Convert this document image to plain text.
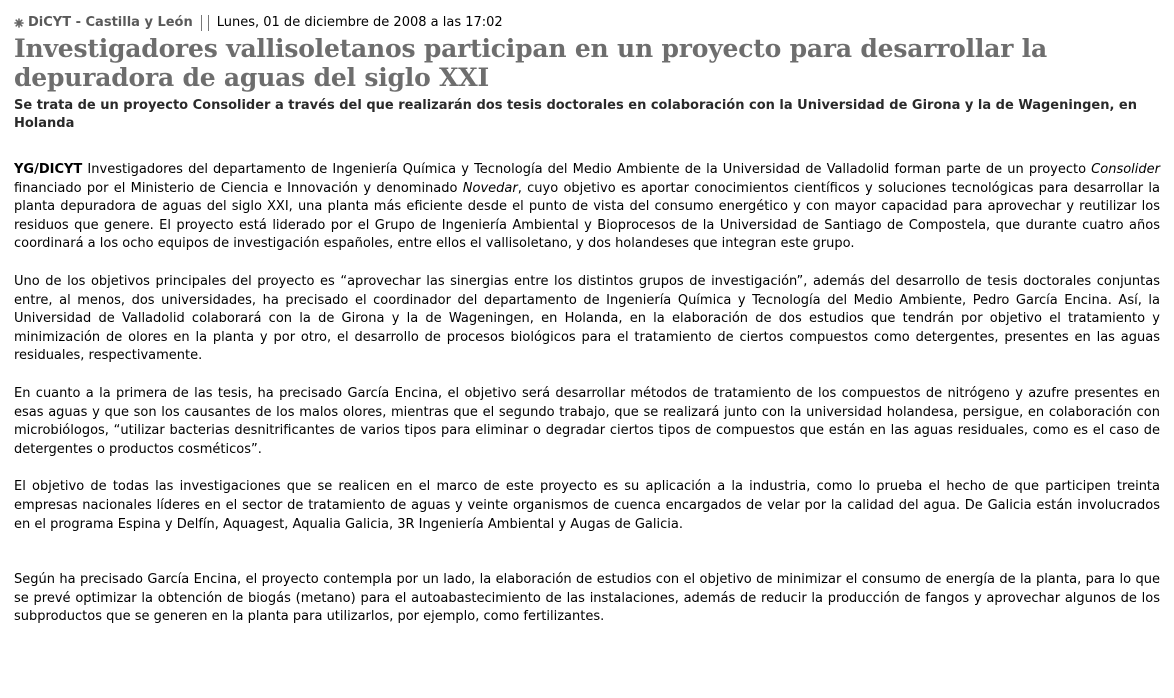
DiCYT - Castilla y León Lunes, 01 de diciembre de 2008 a las 17:02
Investigadores vallisoletanos participan en un proyecto para desarrollar la depuradora de aguas del siglo XXI
Se trata de un proyecto Consolider a través del que realizarán dos tesis doctorales en colaboración con la Universidad de Girona y la de Wageningen, en Holanda

YG/DICYT Investigadores del departamento de Ingeniería Química y Tecnología del Medio Ambiente de la Universidad de Valladolid forman parte de un proyecto Consolider financiado por el Ministerio de Ciencia e Innovación y denominado Novedar, cuyo objetivo es aportar conocimientos científicos y soluciones tecnológicas para desarrollar la planta depuradora de aguas del siglo XXI, una planta más eficiente desde el punto de vista del consumo energético y con mayor capacidad para aprovechar y reutilizar los residuos que genere. El proyecto está liderado por el Grupo de Ingeniería Ambiental y Bioprocesos de la Universidad de Santiago de Compostela, que durante cuatro años coordinará a los ocho equipos de investigación españoles, entre ellos el vallisoletano, y dos holandeses que integran este grupo.

Uno de los objetivos principales del proyecto es “aprovechar las sinergias entre los distintos grupos de investigación”, además del desarrollo de tesis doctorales conjuntas entre, al menos, dos universidades, ha precisado el coordinador del departamento de Ingeniería Química y Tecnología del Medio Ambiente, Pedro García Encina. Así, la Universidad de Valladolid colaborará con la de Girona y la de Wageningen, en Holanda, en la elaboración de dos estudios que tendrán por objetivo el tratamiento y minimización de olores en la planta y por otro, el desarrollo de procesos biológicos para el tratamiento de ciertos compuestos como detergentes, presentes en las aguas residuales, respectivamente.

En cuanto a la primera de las tesis, ha precisado García Encina, el objetivo será desarrollar métodos de tratamiento de los compuestos de nitrógeno y azufre presentes en esas aguas y que son los causantes de los malos olores, mientras que el segundo trabajo, que se realizará junto con la universidad holandesa, persigue, en colaboración con microbiólogos, “utilizar bacterias desnitrificantes de varios tipos para eliminar o degradar ciertos tipos de compuestos que están en las aguas residuales, como es el caso de detergentes o productos cosméticos”.

El objetivo de todas las investigaciones que se realicen en el marco de este proyecto es su aplicación a la industria, como lo prueba el hecho de que participen treinta empresas nacionales líderes en el sector de tratamiento de aguas y veinte organismos de cuenca encargados de velar por la calidad del agua. De Galicia están involucrados en el programa Espina y Delfín, Aquagest, Aqualia Galicia, 3R Ingeniería Ambiental y Augas de Galicia.

Según ha precisado García Encina, el proyecto contempla por un lado, la elaboración de estudios con el objetivo de minimizar el consumo de energía de la planta, para lo que se prevé optimizar la obtención de biogás (metano) para el autoabastecimiento de las instalaciones, además de reducir la producción de fangos y aprovechar algunos de los subproductos que se generen en la planta para utilizarlos, por ejemplo, como fertilizantes.
